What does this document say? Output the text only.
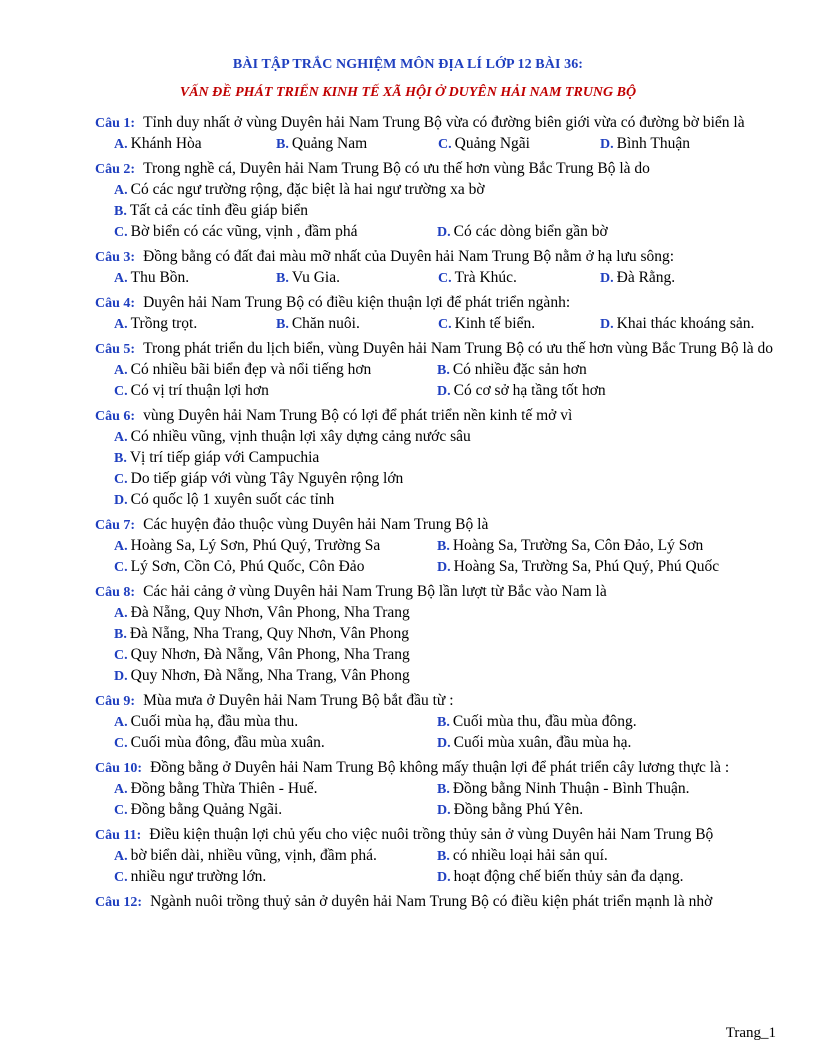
BÀI TẬP TRẮC NGHIỆM MÔN ĐỊA LÍ LỚP 12 BÀI 36:
VẤN ĐỀ PHÁT TRIỂN KINH TẾ XÃ HỘI Ở DUYÊN HẢI NAM TRUNG BỘ
Câu 1: Tỉnh duy nhất ở vùng Duyên hải Nam Trung Bộ vừa có đường biên giới vừa có đường bờ biển là
A. Khánh Hòa	B. Quảng Nam	C. Quảng Ngãi	D. Bình Thuận
Câu 2: Trong nghề cá, Duyên hải Nam Trung Bộ có ưu thế hơn vùng Bắc Trung Bộ là do
A. Có các ngư trường rộng, đặc biệt là hai ngư trường xa bờ
B. Tất cả các tỉnh đều giáp biển
C. Bờ biển có các vũng, vịnh , đầm phá	D. Có các dòng biển gần bờ
Câu 3: Đồng bằng có đất đai màu mỡ nhất của Duyên hải Nam Trung Bộ nằm ở hạ lưu sông:
A. Thu Bồn.	B. Vu Gia.	C. Trà Khúc.	D. Đà Rằng.
Câu 4: Duyên hải Nam Trung Bộ có điều kiện thuận lợi để phát triển ngành:
A. Trồng trọt.	B. Chăn nuôi.	C. Kinh tế biển.	D. Khai thác khoáng sản.
Câu 5: Trong phát triển du lịch biển, vùng Duyên hải Nam Trung Bộ có ưu thế hơn vùng Bắc Trung Bộ là do
A. Có nhiều bãi biển đẹp và nổi tiếng hơn	B. Có nhiều đặc sản hơn
C. Có vị trí thuận lợi hơn	D. Có cơ sở hạ tầng tốt hơn
Câu 6: vùng Duyên hải Nam Trung Bộ có lợi để phát triển nền kinh tế mở vì
A. Có nhiều vũng, vịnh thuận lợi xây dựng cảng nước sâu
B. Vị trí tiếp giáp với Campuchia
C. Do tiếp giáp với vùng Tây Nguyên rộng lớn
D. Có quốc lộ 1 xuyên suốt các tỉnh
Câu 7: Các huyện đảo thuộc vùng Duyên hải Nam Trung Bộ là
A. Hoàng Sa, Lý Sơn, Phú Quý, Trường Sa	B. Hoàng Sa, Trường Sa, Côn Đảo, Lý Sơn
C. Lý Sơn, Cồn Cỏ, Phú Quốc, Côn Đảo	D. Hoàng Sa, Trường Sa, Phú Quý, Phú Quốc
Câu 8: Các hải cảng ở vùng Duyên hải Nam Trung Bộ lần lượt từ Bắc vào Nam là
A. Đà Nẵng, Quy Nhơn, Vân Phong, Nha Trang
B. Đà Nẵng, Nha Trang, Quy Nhơn, Vân Phong
C. Quy Nhơn, Đà Nẵng, Vân Phong, Nha Trang
D. Quy Nhơn, Đà Nẵng, Nha Trang, Vân Phong
Câu 9: Mùa mưa ở Duyên hải Nam Trung Bộ bắt đầu từ :
A. Cuối mùa hạ, đầu mùa thu.	B. Cuối mùa thu, đầu mùa đông.
C. Cuối mùa đông, đầu mùa xuân.	D. Cuối mùa xuân, đầu mùa hạ.
Câu 10: Đồng bằng ở Duyên hải Nam Trung Bộ không mấy thuận lợi để phát triển cây lương thực là :
A. Đồng bằng Thừa Thiên - Huế.	B. Đồng bằng Ninh Thuận - Bình Thuận.
C. Đồng bằng Quảng Ngãi.	D. Đồng bằng Phú Yên.
Câu 11: Điều kiện thuận lợi chủ yếu cho việc nuôi trồng thủy sản ở vùng Duyên hải Nam Trung Bộ
A. bờ biển dài, nhiều vũng, vịnh, đầm phá.	B. có nhiều loại hải sản quí.
C. nhiều ngư trường lớn.	D. hoạt động chế biến thủy sản đa dạng.
Câu 12: Ngành nuôi trồng thuỷ sản ở duyên hải Nam Trung Bộ có điều kiện phát triển mạnh là nhờ
Trang_1
